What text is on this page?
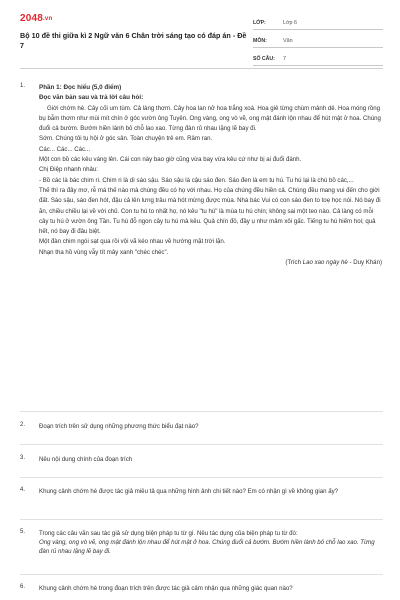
2048.vn
Bộ 10 đề thi giữa kì 2 Ngữ văn 6 Chân trời sáng tạo có đáp án - Đề 7
LỚP:	Lớp 6
MÔN:	Văn
SỐ CÂU:	7
1.	Phần 1: Đọc hiểu (5,0 điểm)
Đọc văn bản sau và trả lời câu hỏi:
Giời chớm hè. Cây cối um tùm. Cả làng thơm. Cây hoa lan nở hoa trắng xoá. Hoa giẻ từng chùm mảnh dẻ. Hoa móng rồng bụ bẫm thơm như mùi mít chín ở góc vườn ông Tuyên. Ong vàng, ong vò vẽ, ong mật đánh lộn nhau để hút mật ở hoa. Chúng đuổi cả bướm. Bướm hiền lành bỏ chỗ lao xao. Từng đàn rủ nhau lặng lẽ bay đi.
Sớm. Chúng tôi tụ hội ở góc sân. Toàn chuyện trẻ em. Râm ran.
Các... Các... Các...
Một con bồ các kêu váng lên. Cái con này bao giờ cũng vừa bay vừa kêu cứ như bị ai đuổi đánh.
Chị Điệp nhanh nhảu:
- Bồ các là bác chim ri. Chim ri là dì sáo sậu. Sáo sậu là cậu sáo đen. Sáo đen là em tu hú. Tu hú lại là chú bồ các,...
Thế thì ra đây mơ, rễ má thế nào mà chúng đều có họ với nhau. Họ của chúng đều hiền cả. Chúng đều mang vui đến cho giời đất. Sáo sậu, sáo đen hót, đậu cả lên lưng trâu mà hót mừng được mùa. Nhà bác Vui có con sáo đen to toẹ học nói. Nó bay đi ăn, chiều chiều lại về với chủ. Con tu hú to nhất họ, nó kêu "tu hú" là mùa tu hú chín; không sai một teo nào. Cả làng có mỗi cây tu hú ở vườn ông Tần. Tu hú đỗ ngon cây tu hú mà kêu. Quả chín đỏ, đầy ụ như mâm xôi gấc. Tiếng tu hú hiếm hoi; quả hết, nó bay đi đâu biệt.
Một đàn chim ngói sạt qua rồi vội vã kéo nhau về hướng mặt trời lặn.
Nhạn tha hồ vùng vẫy tít mây xanh "chéc chéc".
(Trích Lao xao ngày hè - Duy Khán)
2.	Đoạn trích trên sử dụng những phương thức biểu đạt nào?
3.	Nêu nội dung chính của đoạn trích
4.	Khung cảnh chớm hè được tác giả miêu tả qua những hình ảnh chi tiết nào? Em có nhận gì về không gian ấy?
5.	Trong các câu văn sau tác giả sử dụng biện pháp tu từ gì. Nêu tác dụng của biện pháp tu từ đó:
Ong vàng, ong vò vẽ, ong mật đánh lộn nhau để hút mật ở hoa. Chúng đuổi cả bướm. Bướm hiền lành bỏ chỗ lao xao. Từng đàn rủ nhau lặng lẽ bay đi.
6.	Khung cảnh chớm hè trong đoạn trích trên được tác giả cảm nhận qua những giác quan nào?
